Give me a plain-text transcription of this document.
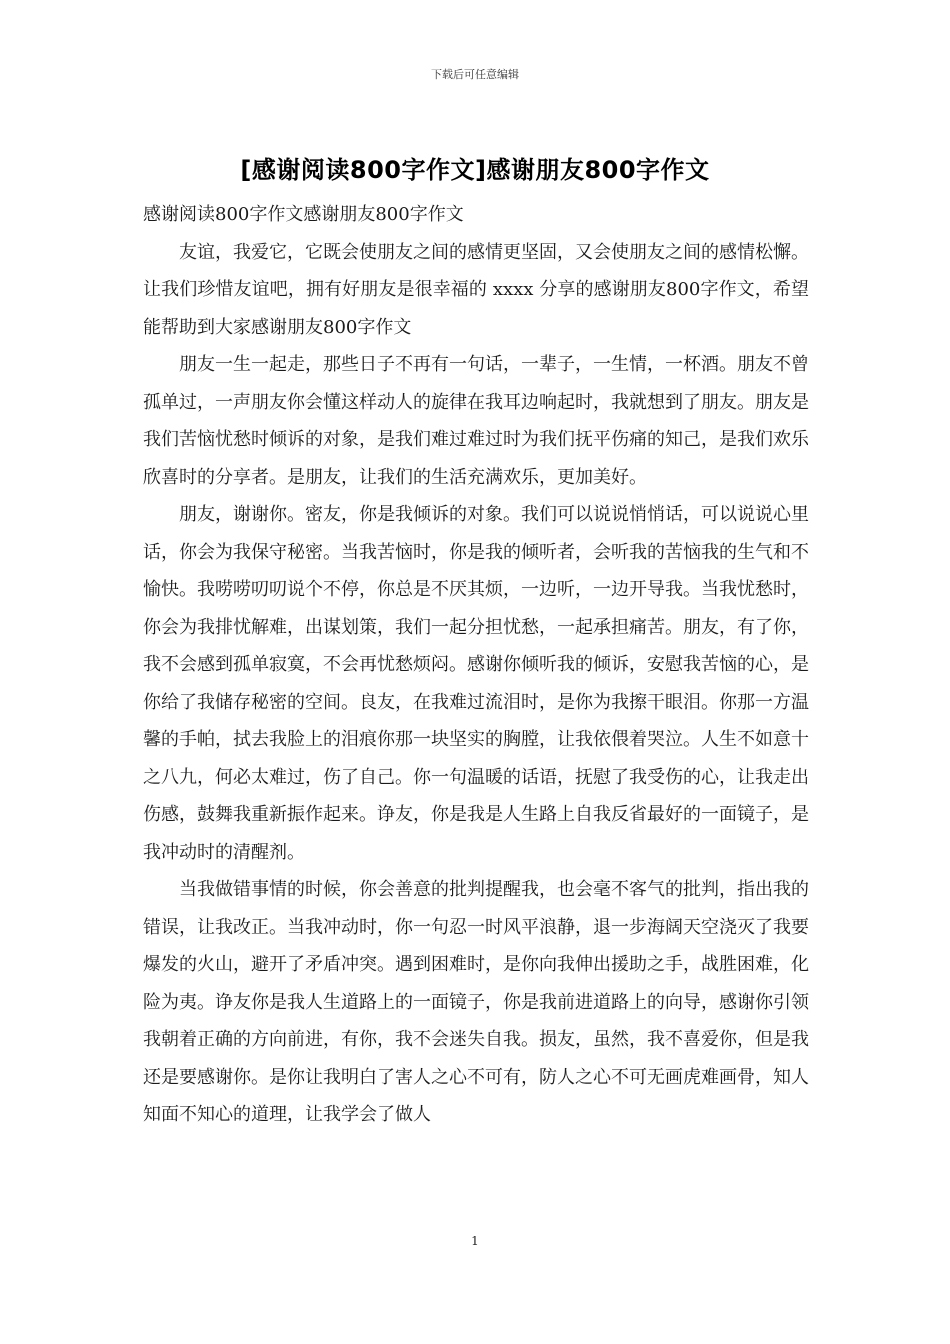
下载后可任意编辑
[感谢阅读800字作文]感谢朋友800字作文

感谢阅读800字作文感谢朋友800字作文

友谊，我爱它，它既会使朋友之间的感情更坚固，又会使朋友之间的感情松懈。让我们珍惜友谊吧，拥有好朋友是很幸福的 xxxx 分享的感谢朋友800字作文，希望能帮助到大家感谢朋友800字作文

朋友一生一起走，那些日子不再有一句话，一辈子，一生情，一杯酒。朋友不曾孤单过，一声朋友你会懂这样动人的旋律在我耳边响起时，我就想到了朋友。朋友是我们苦恼忧愁时倾诉的对象，是我们难过难过时为我们抚平伤痛的知己，是我们欢乐欣喜时的分享者。是朋友，让我们的生活充满欢乐，更加美好。

朋友，谢谢你。密友，你是我倾诉的对象。我们可以说说悄悄话，可以说说心里话，你会为我保守秘密。当我苦恼时，你是我的倾听者，会听我的苦恼我的生气和不愉快。我唠唠叨叨说个不停，你总是不厌其烦，一边听，一边开导我。当我忧愁时，你会为我排忧解难，出谋划策，我们一起分担忧愁，一起承担痛苦。朋友，有了你，我不会感到孤单寂寞，不会再忧愁烦闷。感谢你倾听我的倾诉，安慰我苦恼的心，是你给了我储存秘密的空间。良友，在我难过流泪时，是你为我擦干眼泪。你那一方温馨的手帕，拭去我脸上的泪痕你那一块坚实的胸膛，让我依偎着哭泣。人生不如意十之八九，何必太难过，伤了自己。你一句温暖的话语，抚慰了我受伤的心，让我走出伤感，鼓舞我重新振作起来。诤友，你是我是人生路上自我反省最好的一面镜子，是我冲动时的清醒剂。

当我做错事情的时候，你会善意的批判提醒我，也会毫不客气的批判，指出我的错误，让我改正。当我冲动时，你一句忍一时风平浪静，退一步海阔天空浇灭了我要爆发的火山，避开了矛盾冲突。遇到困难时，是你向我伸出援助之手，战胜困难，化险为夷。诤友你是我人生道路上的一面镜子，你是我前进道路上的向导，感谢你引领我朝着正确的方向前进，有你，我不会迷失自我。损友，虽然，我不喜爱你，但是我还是要感谢你。是你让我明白了害人之心不可有，防人之心不可无画虎难画骨，知人知面不知心的道理，让我学会了做人

1
